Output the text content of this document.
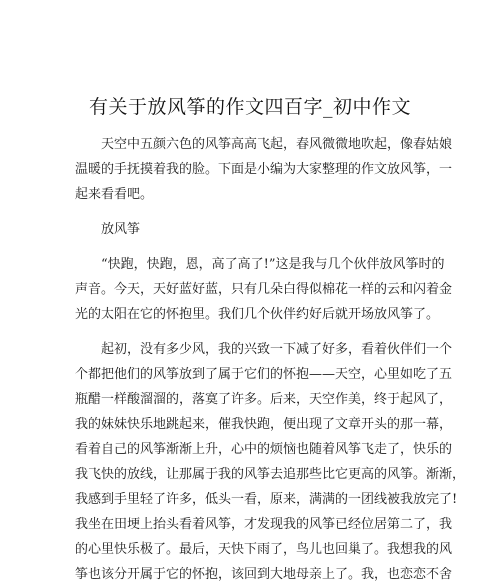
有关于放风筝的作文四百字_初中作文
天空中五颜六色的风筝高高飞起，春风微微地吹起，像春姑娘
温暖的手抚摸着我的脸。下面是小编为大家整理的作文放风筝，一
起来看看吧。
放风筝
“快跑，快跑，恩，高了高了!”这是我与几个伙伴放风筝时的
声音。今天，天好蓝好蓝，只有几朵白得似棉花一样的云和闪着金
光的太阳在它的怀抱里。我们几个伙伴约好后就开场放风筝了。
起初，没有多少风，我的兴致一下减了好多，看着伙伴们一个
个都把他们的风筝放到了属于它们的怀抱——天空，心里如吃了五
瓶醋一样酸溜溜的，落寞了许多。后来，天空作美，终于起风了，
我的妹妹快乐地跳起来，催我快跑，便出现了文章开头的那一幕，
看着自己的风筝渐渐上升，心中的烦恼也随着风筝飞走了，快乐的
我飞快的放线，让那属于我的风筝去追那些比它更高的风筝。渐渐，
我感到手里轻了许多，低头一看，原来，满满的一团线被我放完了!
我坐在田埂上抬头看着风筝，才发现我的风筝已经位居第二了，我
的心里快乐极了。最后，天快下雨了，鸟儿也回巢了。我想我的风
筝也该分开属于它的怀抱，该回到大地母亲上了。我，也恋恋不舍
